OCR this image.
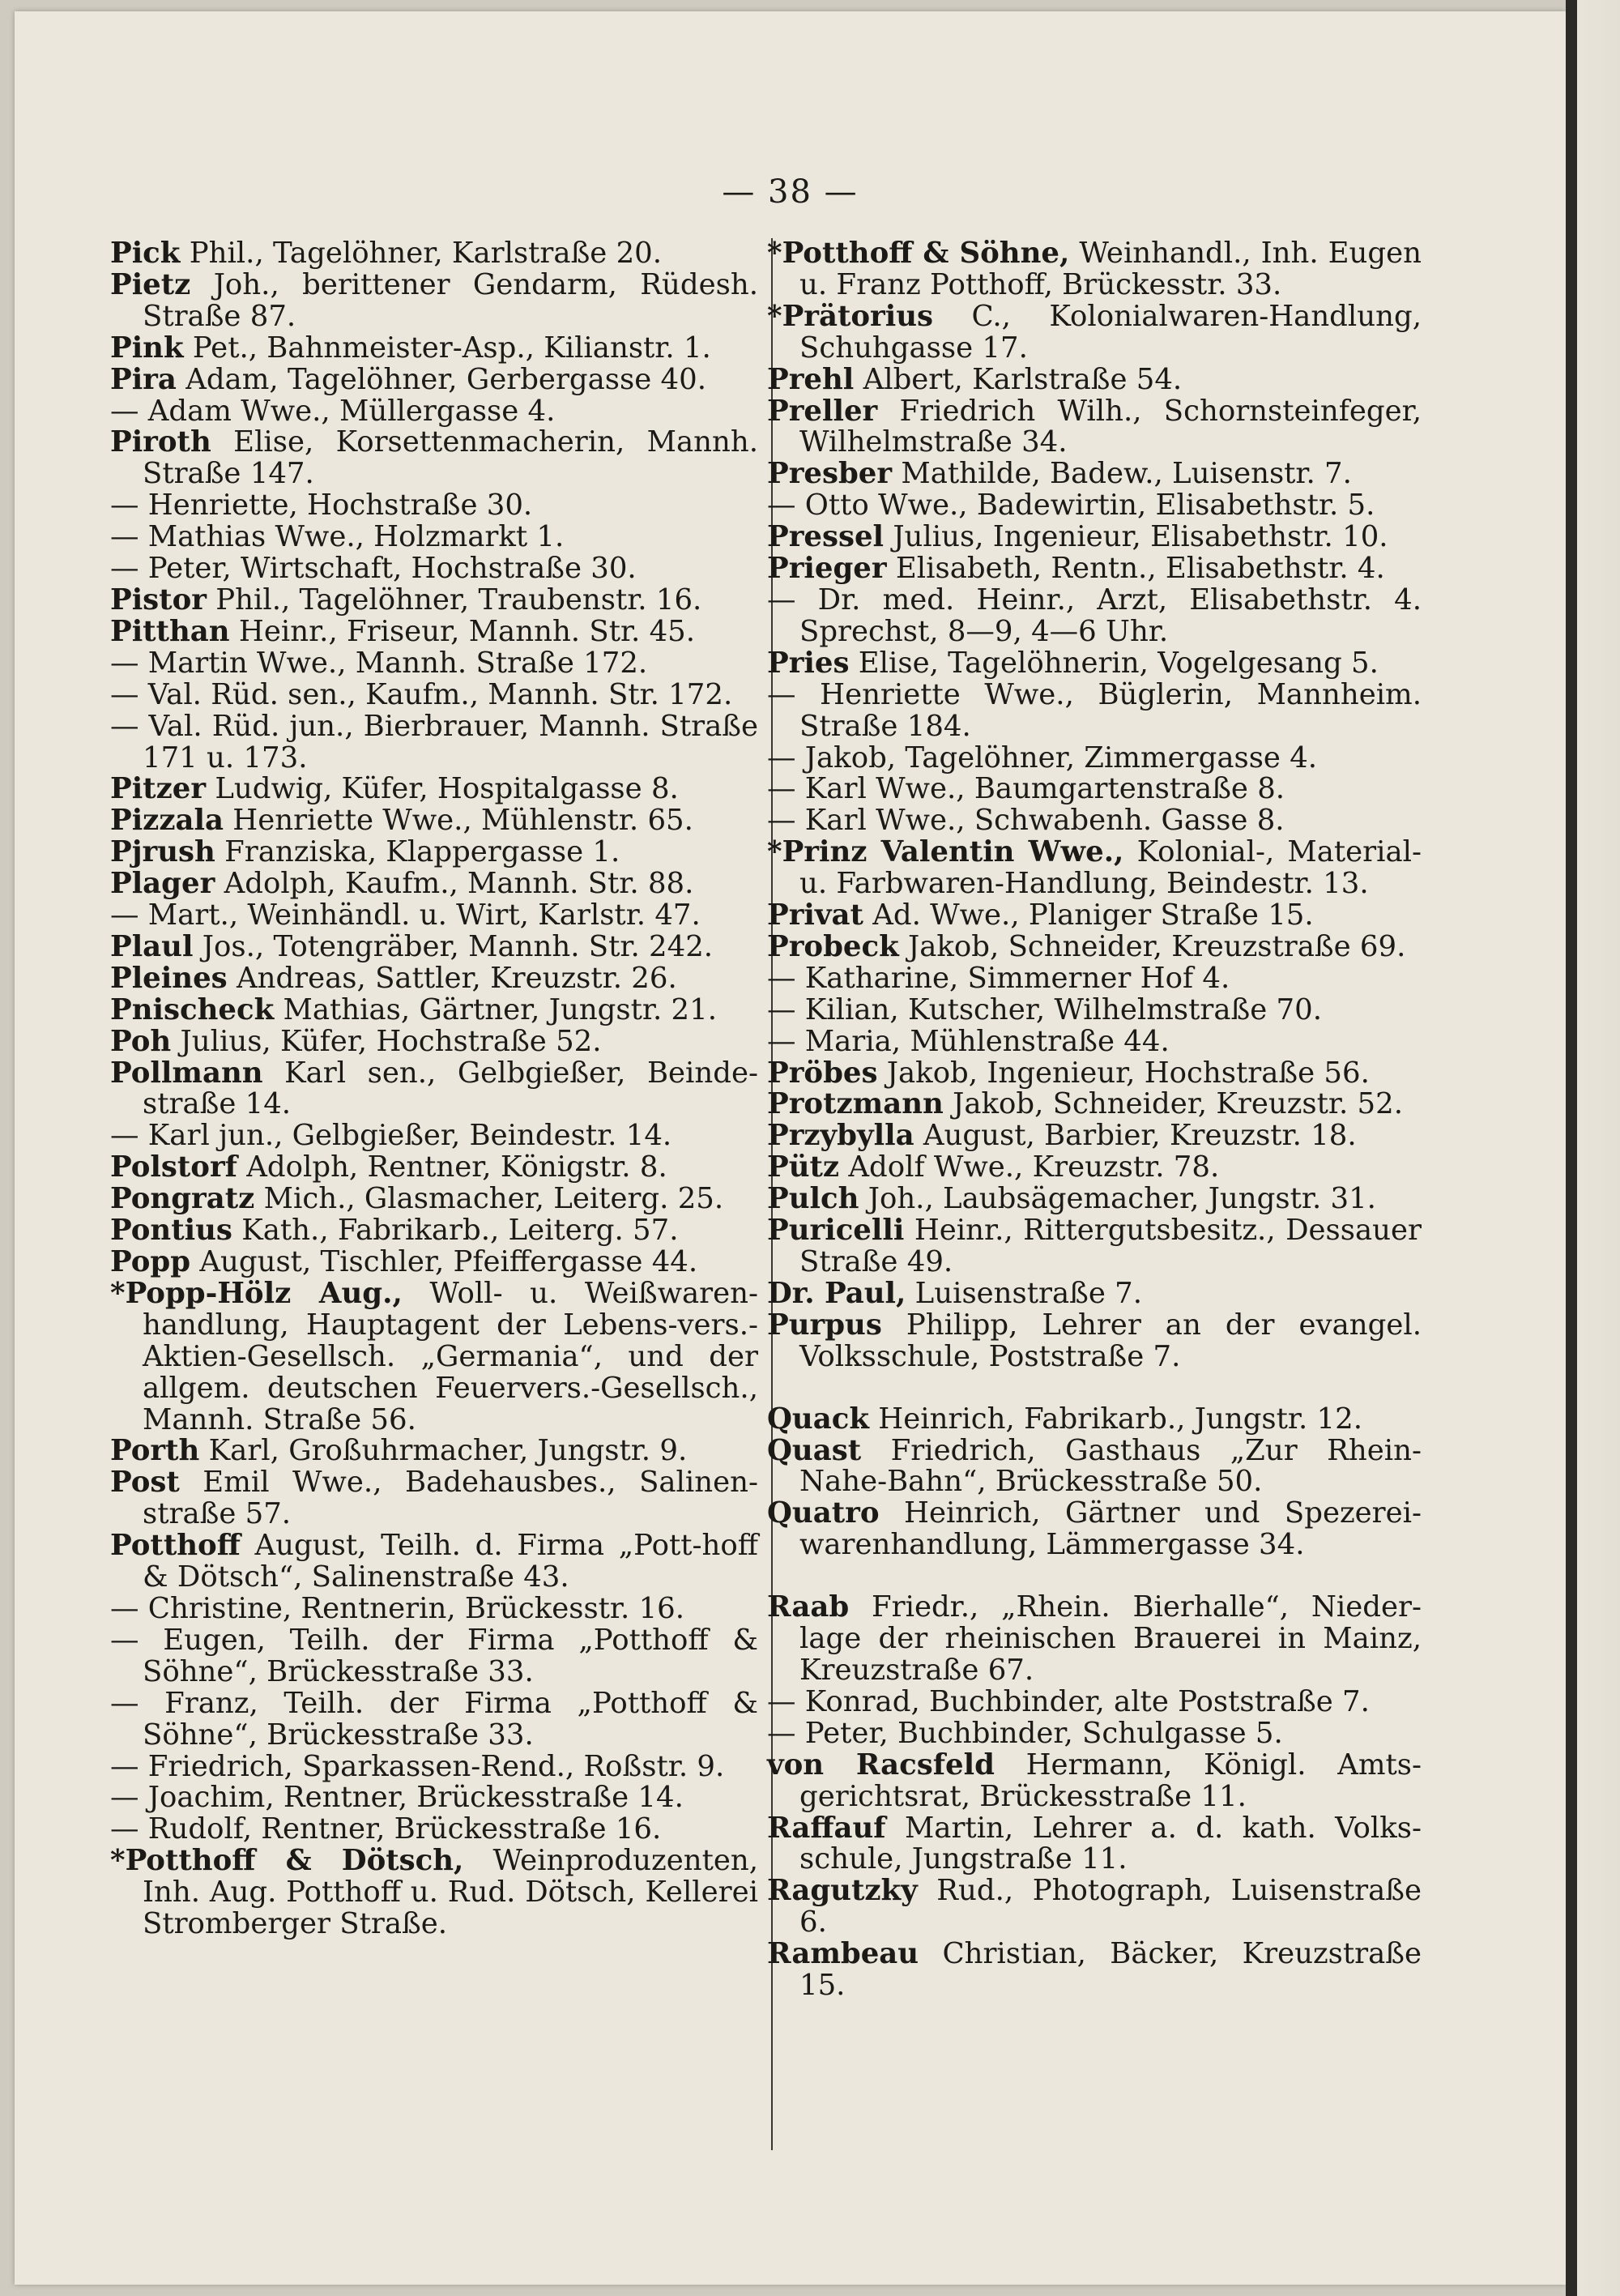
— 38 —

Pick Phil., Tagelöhner, Karlstraße 20.

Pietz Joh., berittener Gendarm, Rüdesh. Straße 87.

Pink Pet., Bahnmeister-Asp., Kilianstr. 1.

Pira Adam, Tagelöhner, Gerbergasse 40.

— Adam Wwe., Müllergasse 4.

Piroth Elise, Korsettenmacherin, Mannh. Straße 147.

— Henriette, Hochstraße 30.

— Mathias Wwe., Holzmarkt 1.

— Peter, Wirtschaft, Hochstraße 30.

Pistor Phil., Tagelöhner, Traubenstr. 16.

Pitthan Heinr., Friseur, Mannh. Str. 45.

— Martin Wwe., Mannh. Straße 172.

— Val. Rüd. sen., Kaufm., Mannh. Str. 172.

— Val. Rüd. jun., Bierbrauer, Mannh. Straße 171 u. 173.

Pitzer Ludwig, Küfer, Hospitalgasse 8.

Pizzala Henriette Wwe., Mühlenstr. 65.

Pjrush Franziska, Klappergasse 1.

Plager Adolph, Kaufm., Mannh. Str. 88.

— Mart., Weinhändl. u. Wirt, Karlstr. 47.

Plaul Jos., Totengräber, Mannh. Str. 242.

Pleines Andreas, Sattler, Kreuzstr. 26.

Pnischeck Mathias, Gärtner, Jungstr. 21.

Poh Julius, Küfer, Hochstraße 52.

Pollmann Karl sen., Gelbgießer, Beinde-straße 14.

— Karl jun., Gelbgießer, Beindestr. 14.

Polstorf Adolph, Rentner, Königstr. 8.

Pongratz Mich., Glasmacher, Leiterg. 25.

Pontius Kath., Fabrikarb., Leiterg. 57.

Popp August, Tischler, Pfeiffergasse 44.

*Popp-Hölz Aug., Woll- u. Weißwaren-handlung, Hauptagent der Lebens-vers.-Aktien-Gesellsch. „Germania“, und der allgem. deutschen Feuervers.-Gesellsch., Mannh. Straße 56.

Porth Karl, Großuhrmacher, Jungstr. 9.

Post Emil Wwe., Badehausbes., Salinen-straße 57.

Potthoff August, Teilh. d. Firma „Pott-hoff & Dötsch“, Salinenstraße 43.

— Christine, Rentnerin, Brückesstr. 16.

— Eugen, Teilh. der Firma „Potthoff & Söhne“, Brückesstraße 33.

— Franz, Teilh. der Firma „Potthoff & Söhne“, Brückesstraße 33.

— Friedrich, Sparkassen-Rend., Roßstr. 9.

— Joachim, Rentner, Brückesstraße 14.

— Rudolf, Rentner, Brückesstraße 16.

*Potthoff & Dötsch, Weinproduzenten, Inh. Aug. Potthoff u. Rud. Dötsch, Kellerei Stromberger Straße.

*Potthoff & Söhne, Weinhandl., Inh. Eugen u. Franz Potthoff, Brückesstr. 33.

*Prätorius C., Kolonialwaren-Handlung, Schuhgasse 17.

Prehl Albert, Karlstraße 54.

Preller Friedrich Wilh., Schornsteinfeger, Wilhelmstraße 34.

Presber Mathilde, Badew., Luisenstr. 7.

— Otto Wwe., Badewirtin, Elisabethstr. 5.

Pressel Julius, Ingenieur, Elisabethstr. 10.

Prieger Elisabeth, Rentn., Elisabethstr. 4.

— Dr. med. Heinr., Arzt, Elisabethstr. 4. Sprechst, 8—9, 4—6 Uhr.

Pries Elise, Tagelöhnerin, Vogelgesang 5.

— Henriette Wwe., Büglerin, Mannheim. Straße 184.

— Jakob, Tagelöhner, Zimmergasse 4.

— Karl Wwe., Baumgartenstraße 8.

— Karl Wwe., Schwabenh. Gasse 8.

*Prinz Valentin Wwe., Kolonial-, Material- u. Farbwaren-Handlung, Beindestr. 13.

Privat Ad. Wwe., Planiger Straße 15.

Probeck Jakob, Schneider, Kreuzstraße 69.

— Katharine, Simmerner Hof 4.

— Kilian, Kutscher, Wilhelmstraße 70.

— Maria, Mühlenstraße 44.

Pröbes Jakob, Ingenieur, Hochstraße 56.

Protzmann Jakob, Schneider, Kreuzstr. 52.

Przybylla August, Barbier, Kreuzstr. 18.

Pütz Adolf Wwe., Kreuzstr. 78.

Pulch Joh., Laubsägemacher, Jungstr. 31.

Puricelli Heinr., Rittergutsbesitz., Dessauer Straße 49.

Dr. Paul, Luisenstraße 7.

Purpus Philipp, Lehrer an der evangel. Volksschule, Poststraße 7.

Quack Heinrich, Fabrikarb., Jungstr. 12.

Quast Friedrich, Gasthaus „Zur Rhein-Nahe-Bahn“, Brückesstraße 50.

Quatro Heinrich, Gärtner und Spezerei-warenhandlung, Lämmergasse 34.

Raab Friedr., „Rhein. Bierhalle“, Nieder-lage der rheinischen Brauerei in Mainz, Kreuzstraße 67.

— Konrad, Buchbinder, alte Poststraße 7.

— Peter, Buchbinder, Schulgasse 5.

von Racsfeld Hermann, Königl. Amts-gerichtsrat, Brückesstraße 11.

Raffauf Martin, Lehrer a. d. kath. Volks-schule, Jungstraße 11.

Ragutzky Rud., Photograph, Luisenstraße 6.

Rambeau Christian, Bäcker, Kreuzstraße 15.
